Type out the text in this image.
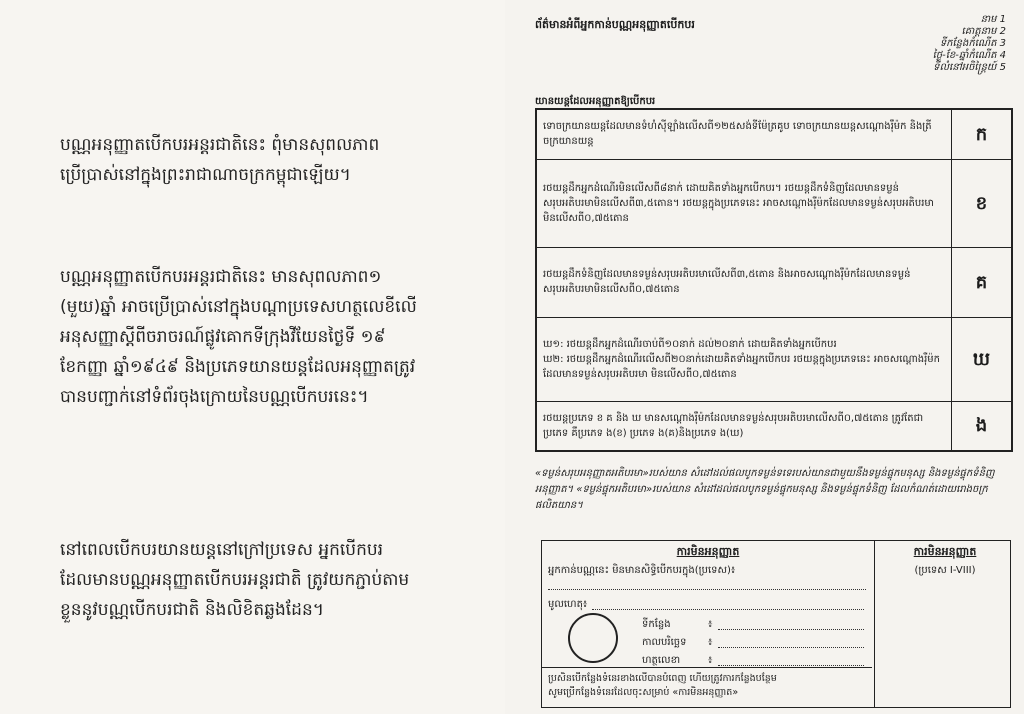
បណ្ណអនុញ្ញាតបើកបរអន្តរជាតិនេះ ពុំមានសុពលភាព
ប្រើប្រាស់នៅក្នុងព្រះរាជាណាចក្រកម្ពុជាឡើយ។

បណ្ណអនុញ្ញាតបើកបរអន្តរជាតិនេះ មានសុពលភាព១
(មួយ)ឆ្នាំ អាចប្រើប្រាស់នៅក្នុងបណ្តាប្រទេសហត្ថលេខីលើ
អនុសញ្ញាស្តីពីចរាចរណ៍ផ្លូវគោកទីក្រុងវីយែនថ្ងៃទី ១៩
ខែកញ្ញា ឆ្នាំ១៩៤៩ និងប្រភេទយានយន្តដែលអនុញ្ញាតត្រូវ
បានបញ្ជាក់នៅទំព័រចុងក្រោយនៃបណ្ណបើកបរនេះ។

នៅពេលបើកបរយានយន្តនៅក្រៅប្រទេស អ្នកបើកបរ
ដែលមានបណ្ណអនុញ្ញាតបើកបរអន្តរជាតិ ត្រូវយកភ្ជាប់តាម
ខ្លួននូវបណ្ណបើកបរជាតិ និងលិខិតឆ្លងដែន។

ព័ត៌មានអំពីអ្នកកាន់បណ្ណអនុញ្ញាតបើកបរ	នាម 1
គោត្តនាម 2
ទីកន្លែងកំណើត 3
ថ្ងៃ-ខែ-ឆ្នាំកំណើត 4
ទីលំនៅអចិន្ត្រៃយ៍ 5
យានយន្តដែលអនុញ្ញាតឱ្យបើកបរ
ទោចក្រយានយន្តដែលមានទំហំស៊ីឡាំងលើសពី១២៥សង់ទីម៉ែត្រគូប ទោចក្រយានយន្តសណ្តោងរ៉ឺម៉ក និងត្រីចក្រយានយន្ត	ក
រថយន្តដឹកអ្នកដំណើរមិនលើសពី៨នាក់ ដោយគិតទាំងអ្នកបើកបរ។ រថយន្តដឹកទំនិញដែលមានទម្ងន់សរុបអតិបរមាមិនលើសពី៣,៥តោន។ រថយន្តក្នុងប្រភេទនេះ អាចសណ្តោងរ៉ឺម៉កដែលមានទម្ងន់សរុបអតិបរមាមិនលើសពី០,៧៥តោន	ខ
រថយន្តដឹកទំនិញដែលមានទម្ងន់សរុបអតិបរមាលើសពី៣,៥តោន និងអាចសណ្តោងរ៉ឺម៉កដែលមានទម្ងន់សរុបអតិបរមាមិនលើសពី០,៧៥តោន	គ
ឃ១: រថយន្តដឹកអ្នកដំណើរចាប់ពី១០នាក់ ដល់២០នាក់ ដោយគិតទាំងអ្នកបើកបរ
ឃ២: រថយន្តដឹកអ្នកដំណើរលើសពី២០នាក់ដោយគិតទាំងអ្នកបើកបរ រថយន្តក្នុងប្រភេទនេះ អាចសណ្តោងរ៉ឺម៉កដែលមានទម្ងន់សរុបអតិបរមា មិនលើសពី០,៧៥តោន	ឃ
រថយន្តប្រភេទ ខ គ និង ឃ មានសណ្តោងរ៉ឺម៉កដែលមានទម្ងន់សរុបអតិបរមាលើសពី០,៧៥តោន ត្រូវតែជាប្រភេទ គឺប្រភេទ ង(ខ) ប្រភេទ ង(គ)និងប្រភេទ ង(ឃ)	ង

«ទម្ងន់សរុបអនុញ្ញាតអតិបរមា»របស់យាន សំដៅដល់ផលបូកទម្ងន់ទទេរបស់យានជាមួយនឹងទម្ងន់ផ្ទុកមនុស្ស និងទម្ងន់ផ្ទុកទំនិញអនុញ្ញាត។ «ទម្ងន់ផ្ទុកអតិបរមា»របស់យាន សំដៅដល់ផលបូកទម្ងន់ផ្ទុកមនុស្ស និងទម្ងន់ផ្ទុកទំនិញ ដែលកំណត់ដោយរោងចក្រផលិតយាន។

ការមិនអនុញ្ញាត
អ្នកកាន់បណ្ណនេះ មិនមានសិទ្ធិបើកបរក្នុង(ប្រទេស)៖
មូលហេតុ៖
ទីកន្លែង	៖
កាលបរិច្ឆេទ ៖
ហត្ថលេខា	៖
ប្រសិនបើកន្លែងទំនេរខាងលើបានបំពេញ ហើយត្រូវការកន្លែងបន្ថែម
សូមប្រើកន្លែងទំនេរដែលចុះសម្រាប់ «ការមិនអនុញ្ញាត»
ការមិនអនុញ្ញាត
(ប្រទេស I-VIII)
